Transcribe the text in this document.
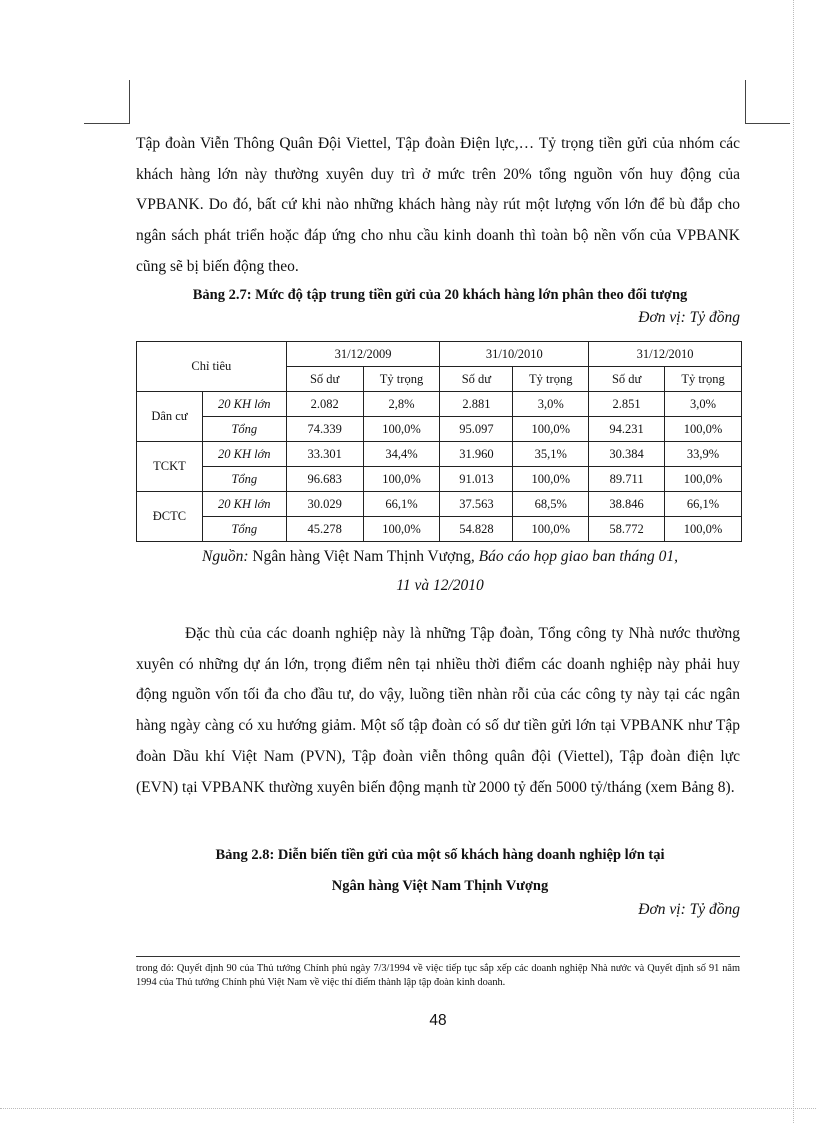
Tập đoàn Viễn Thông Quân Đội Viettel, Tập đoàn Điện lực,… Tỷ trọng tiền gửi của nhóm các khách hàng lớn này thường xuyên duy trì ở mức trên 20% tổng nguồn vốn huy động của VPBANK. Do đó, bất cứ khi nào những khách hàng này rút một lượng vốn lớn để bù đắp cho ngân sách phát triển hoặc đáp ứng cho nhu cầu kinh doanh thì toàn bộ nền vốn của VPBANK cũng sẽ bị biến động theo.

Bảng 2.7: Mức độ tập trung tiền gửi của 20 khách hàng lớn phân theo đối tượng
Đơn vị: Tỷ đồng
Chỉ tiêu		31/12/2009		31/10/2010		31/12/2010	
		Số dư	Tỷ trọng	Số dư	Tỷ trọng	Số dư	Tỷ trọng
Dân cư	20 KH lớn	2.082	2,8%	2.881	3,0%	2.851	3,0%
	Tổng	74.339	100,0%	95.097	100,0%	94.231	100,0%
TCKT	20 KH lớn	33.301	34,4%	31.960	35,1%	30.384	33,9%
	Tổng	96.683	100,0%	91.013	100,0%	89.711	100,0%
ĐCTC	20 KH lớn	30.029	66,1%	37.563	68,5%	38.846	66,1%
	Tổng	45.278	100,0%	54.828	100,0%	58.772	100,0%
Nguồn: Ngân hàng Việt Nam Thịnh Vượng, Báo cáo họp giao ban tháng 01,
11 và 12/2010

Đặc thù của các doanh nghiệp này là những Tập đoàn, Tổng công ty Nhà nước thường xuyên có những dự án lớn, trọng điểm nên tại nhiều thời điểm các doanh nghiệp này phải huy động nguồn vốn tối đa cho đầu tư, do vậy, luồng tiền nhàn rỗi của các công ty này tại các ngân hàng ngày càng có xu hướng giảm. Một số tập đoàn có số dư tiền gửi lớn tại VPBANK như Tập đoàn Dầu khí Việt Nam (PVN), Tập đoàn viễn thông quân đội (Viettel), Tập đoàn điện lực (EVN) tại VPBANK thường xuyên biến động mạnh từ 2000 tỷ đến 5000 tỷ/tháng (xem Bảng 8).

Bảng 2.8: Diễn biến tiền gửi của một số khách hàng doanh nghiệp lớn tại
Ngân hàng Việt Nam Thịnh Vượng
Đơn vị: Tỷ đồng

trong đó: Quyết định 90 của Thủ tướng Chính phủ ngày 7/3/1994 về việc tiếp tục sắp xếp các doanh nghiệp Nhà nước và Quyết định số 91 năm 1994 của Thủ tướng Chính phủ Việt Nam về việc thí điểm thành lập tập đoàn kinh doanh.

48
